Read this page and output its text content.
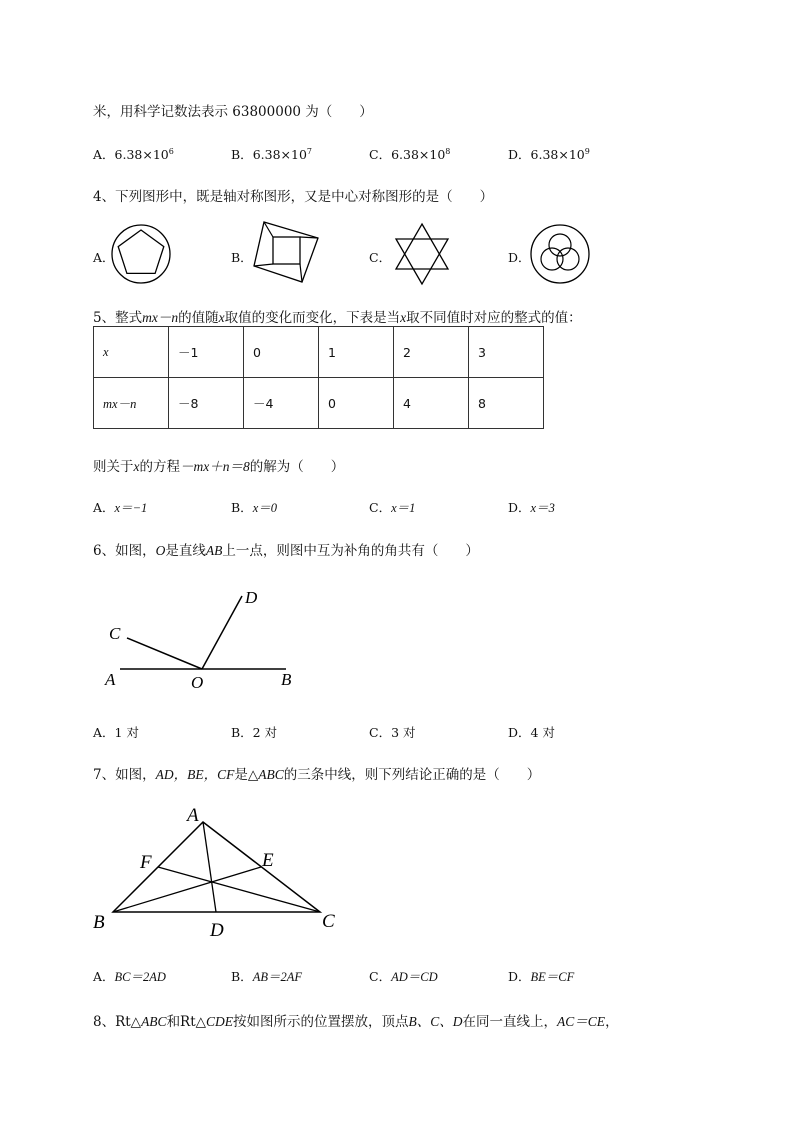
米，用科学记数法表示 63800000 为（　　）
A．$6.38\times 10^6$	B．$6.38\times 10^7$	C．$6.38\times 10^8$	D．$6.38\times 10^9$
4、下列图形中，既是轴对称图形，又是中心对称图形的是（　　）
A．	B．	C．	D．
5、整式mx－n的值随x取值的变化而变化，下表是当x取不同值时对应的整式的值：
x	－1	0	1	2	3
mx－n	－8	－4	0	4	8
则关于x的方程－mx＋n＝8的解为（　　）
A．x＝−1	B．x＝0	C．x＝1	D．x＝3
6、如图，O是直线AB上一点，则图中互为补角的角共有（　　）
A	B
C
D
O
A．1 对	B．2 对	C．3 对	D．4 对
7、如图，AD，BE，CF是△ABC的三条中线，则下列结论正确的是（　　）
A
B	C
D
E
F
A．BC＝2AD	B．AB＝2AF	C．AD＝CD	D．BE＝CF
8、Rt△ABC和Rt△CDE按如图所示的位置摆放，顶点B、C、D在同一直线上，AC＝CE，
